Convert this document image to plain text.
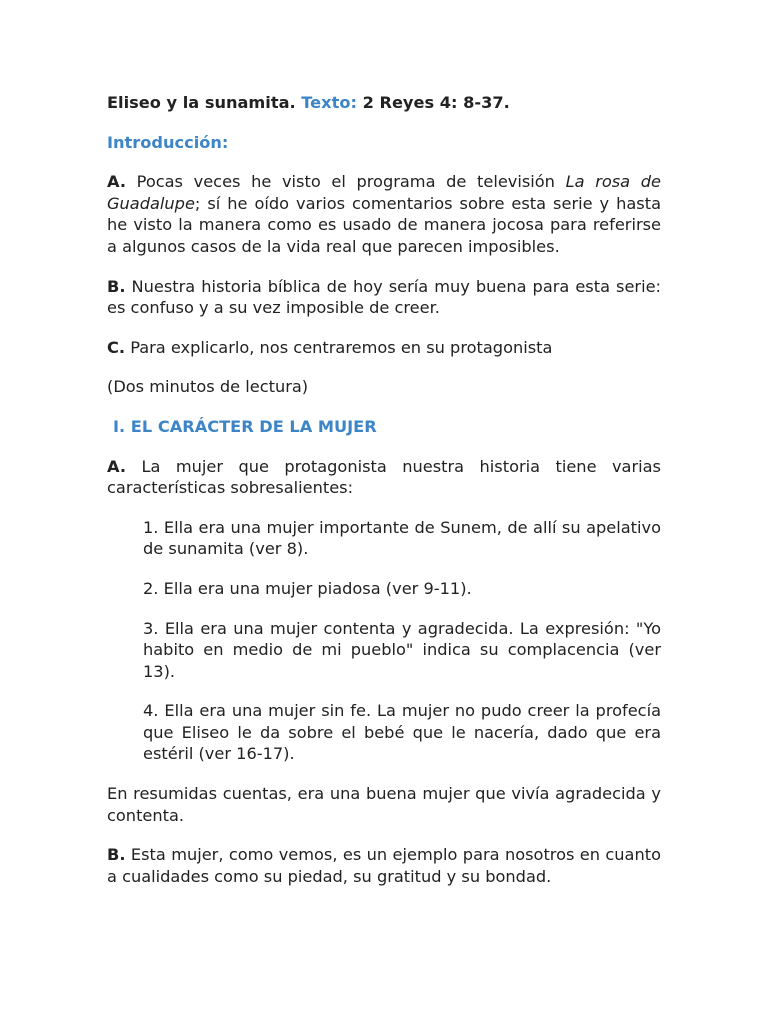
Eliseo y la sunamita. Texto: 2 Reyes 4: 8-37.

Introducción:

A. Pocas veces he visto el programa de televisión La rosa de Guadalupe; sí he oído varios comentarios sobre esta serie y hasta he visto la manera como es usado de manera jocosa para referirse a algunos casos de la vida real que parecen imposibles.

B. Nuestra historia bíblica de hoy sería muy buena para esta serie: es confuso y a su vez imposible de creer.

C. Para explicarlo, nos centraremos en su protagonista

(Dos minutos de lectura)

I. EL CARÁCTER DE LA MUJER

A. La mujer que protagonista nuestra historia tiene varias características sobresalientes:

1. Ella era una mujer importante de Sunem, de allí su apelativo de sunamita (ver 8).

2. Ella era una mujer piadosa (ver 9-11).

3. Ella era una mujer contenta y agradecida. La expresión: "Yo habito en medio de mi pueblo" indica su complacencia (ver 13).

4. Ella era una mujer sin fe. La mujer no pudo creer la profecía que Eliseo le da sobre el bebé que le nacería, dado que era estéril (ver 16-17).

En resumidas cuentas, era una buena mujer que vivía agradecida y contenta.

B. Esta mujer, como vemos, es un ejemplo para nosotros en cuanto a cualidades como su piedad, su gratitud y su bondad.
